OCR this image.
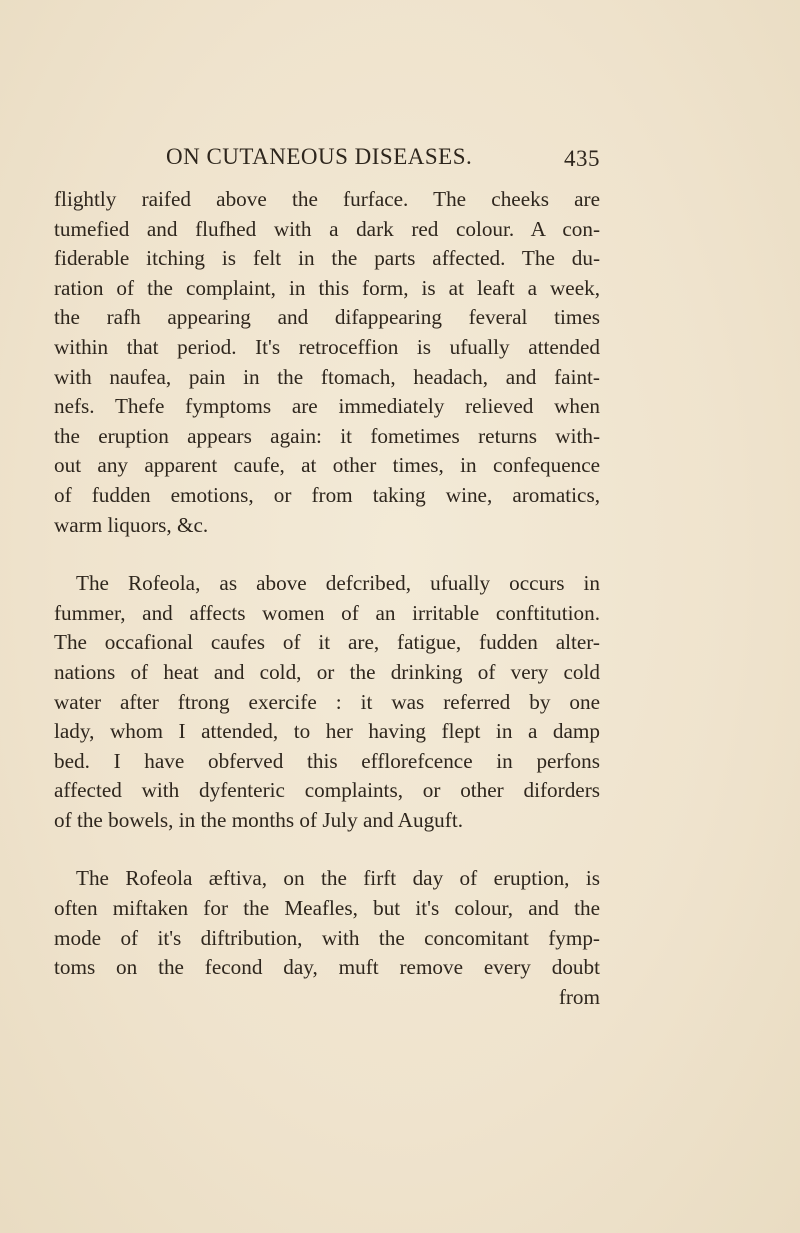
ON CUTANEOUS DISEASES.	435
flightly raifed above the furface. The cheeks are
tumefied and flufhed with a dark red colour. A con-
fiderable itching is felt in the parts affected. The du-
ration of the complaint, in this form, is at leaft a week,
the rafh appearing and difappearing feveral times
within that period. It's retroceffion is ufually attended
with naufea, pain in the ftomach, headach, and faint-
nefs. Thefe fymptoms are immediately relieved when
the eruption appears again: it fometimes returns with-
out any apparent caufe, at other times, in confequence
of fudden emotions, or from taking wine, aromatics,
warm liquors, &c.
The Rofeola, as above defcribed, ufually occurs in
fummer, and affects women of an irritable conftitution.
The occafional caufes of it are, fatigue, fudden alter-
nations of heat and cold, or the drinking of very cold
water after ftrong exercife : it was referred by one
lady, whom I attended, to her having flept in a damp
bed. I have obferved this efflorefcence in perfons
affected with dyfenteric complaints, or other diforders
of the bowels, in the months of July and Auguft.
The Rofeola æftiva, on the firft day of eruption, is
often miftaken for the Meafles, but it's colour, and the
mode of it's diftribution, with the concomitant fymp-
toms on the fecond day, muft remove every doubt
from
